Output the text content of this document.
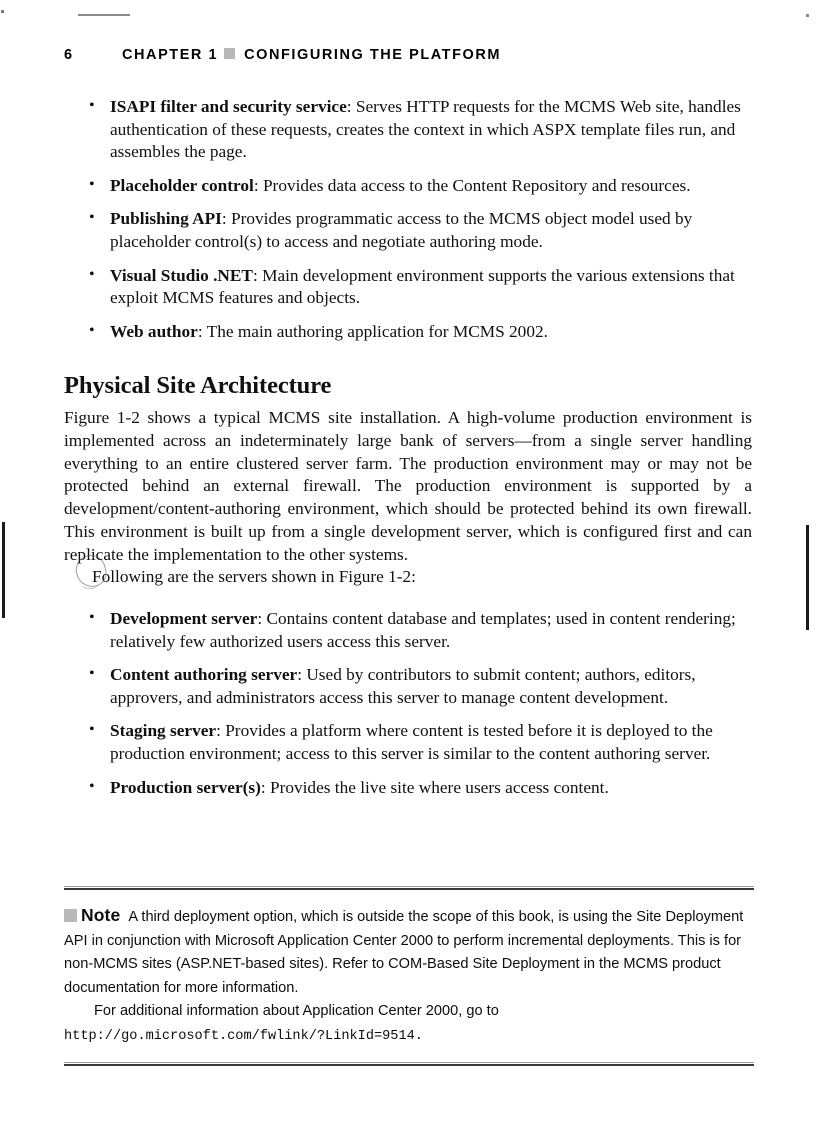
6	CHAPTER 1 CONFIGURING THE PLATFORM
• ISAPI filter and security service: Serves HTTP requests for the MCMS Web site, handles authentication of these requests, creates the context in which ASPX template files run, and assembles the page.
• Placeholder control: Provides data access to the Content Repository and resources.
• Publishing API: Provides programmatic access to the MCMS object model used by placeholder control(s) to access and negotiate authoring mode.
• Visual Studio .NET: Main development environment supports the various extensions that exploit MCMS features and objects.
• Web author: The main authoring application for MCMS 2002.
Physical Site Architecture

Figure 1-2 shows a typical MCMS site installation. A high-volume production environment is implemented across an indeterminately large bank of servers—from a single server handling everything to an entire clustered server farm. The production environment may or may not be protected behind an external firewall. The production environment is supported by a development/content-authoring environment, which should be protected behind its own firewall. This environment is built up from a single development server, which is configured first and can replicate the implementation to the other systems.

Following are the servers shown in Figure 1-2:

• Development server: Contains content database and templates; used in content rendering; relatively few authorized users access this server.
• Content authoring server: Used by contributors to submit content; authors, editors, approvers, and administrators access this server to manage content development.
• Staging server: Provides a platform where content is tested before it is deployed to the production environment; access to this server is similar to the content authoring server.
• Production server(s): Provides the live site where users access content.

Note A third deployment option, which is outside the scope of this book, is using the Site Deployment API in conjunction with Microsoft Application Center 2000 to perform incremental deployments. This is for non-MCMS sites (ASP.NET-based sites). Refer to COM-Based Site Deployment in the MCMS product documentation for more information.

For additional information about Application Center 2000, go to http://go.microsoft.com/fwlink/?LinkId=9514.
